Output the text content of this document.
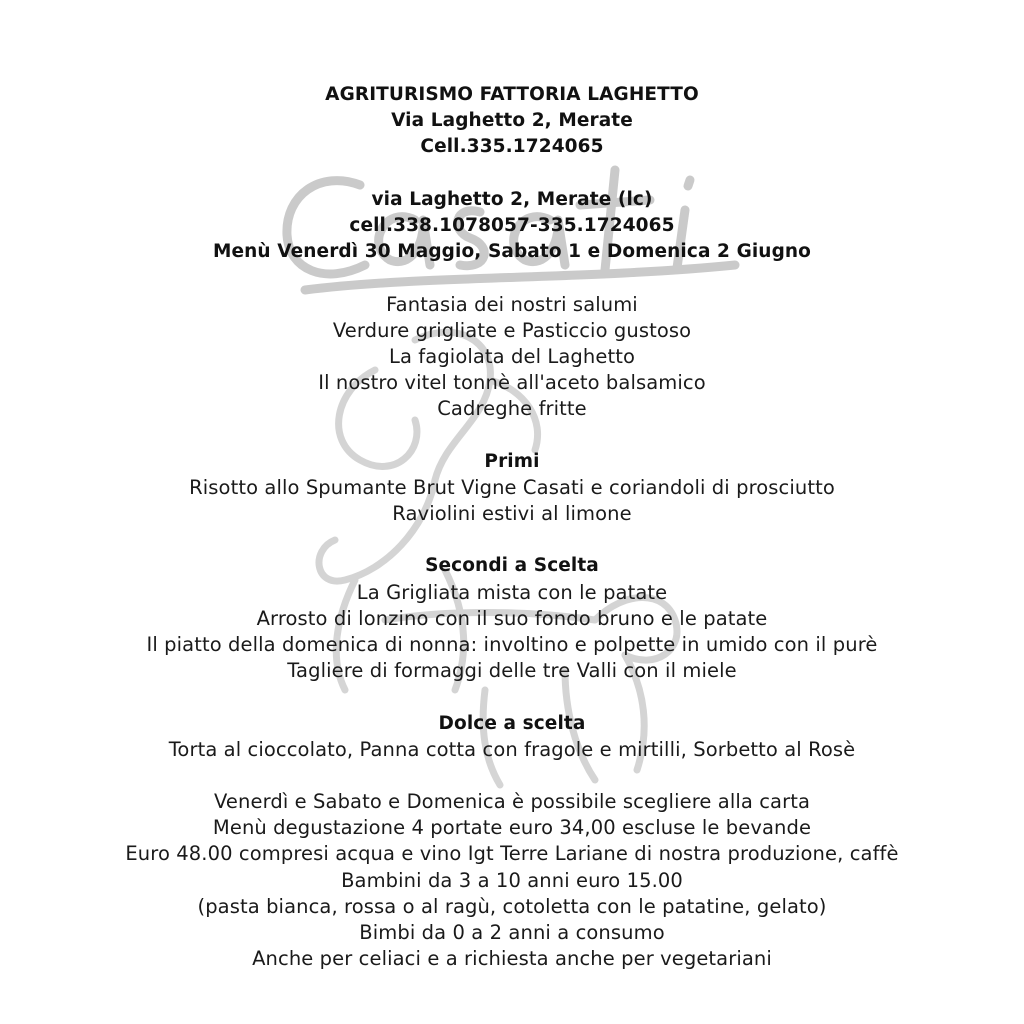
AGRITURISMO FATTORIA LAGHETTO
Via Laghetto 2, Merate
Cell.335.1724065
via Laghetto 2, Merate (lc)
cell.338.1078057-335.1724065
Menù Venerdì 30 Maggio, Sabato 1 e Domenica 2 Giugno
Fantasia dei nostri salumi
Verdure grigliate e Pasticcio gustoso
La fagiolata del Laghetto
Il nostro vitel tonnè all'aceto balsamico
Cadreghe fritte
Primi
Risotto allo Spumante Brut Vigne Casati e coriandoli di prosciutto
Raviolini estivi al limone
Secondi a Scelta
La Grigliata mista con le patate
Arrosto di lonzino con il suo fondo bruno e le patate
Il piatto della domenica di nonna: involtino e polpette in umido con il purè
Tagliere di formaggi delle tre Valli con il miele
Dolce a scelta
Torta al cioccolato, Panna cotta con fragole e mirtilli, Sorbetto al Rosè
Venerdì e Sabato e Domenica è possibile scegliere alla carta
Menù degustazione 4 portate euro 34,00 escluse le bevande
Euro 48.00 compresi acqua e vino Igt Terre Lariane di nostra produzione, caffè
Bambini da 3 a 10 anni euro 15.00
(pasta bianca, rossa o al ragù, cotoletta con le patatine, gelato)
Bimbi da 0 a 2 anni a consumo
Anche per celiaci e a richiesta anche per vegetariani
